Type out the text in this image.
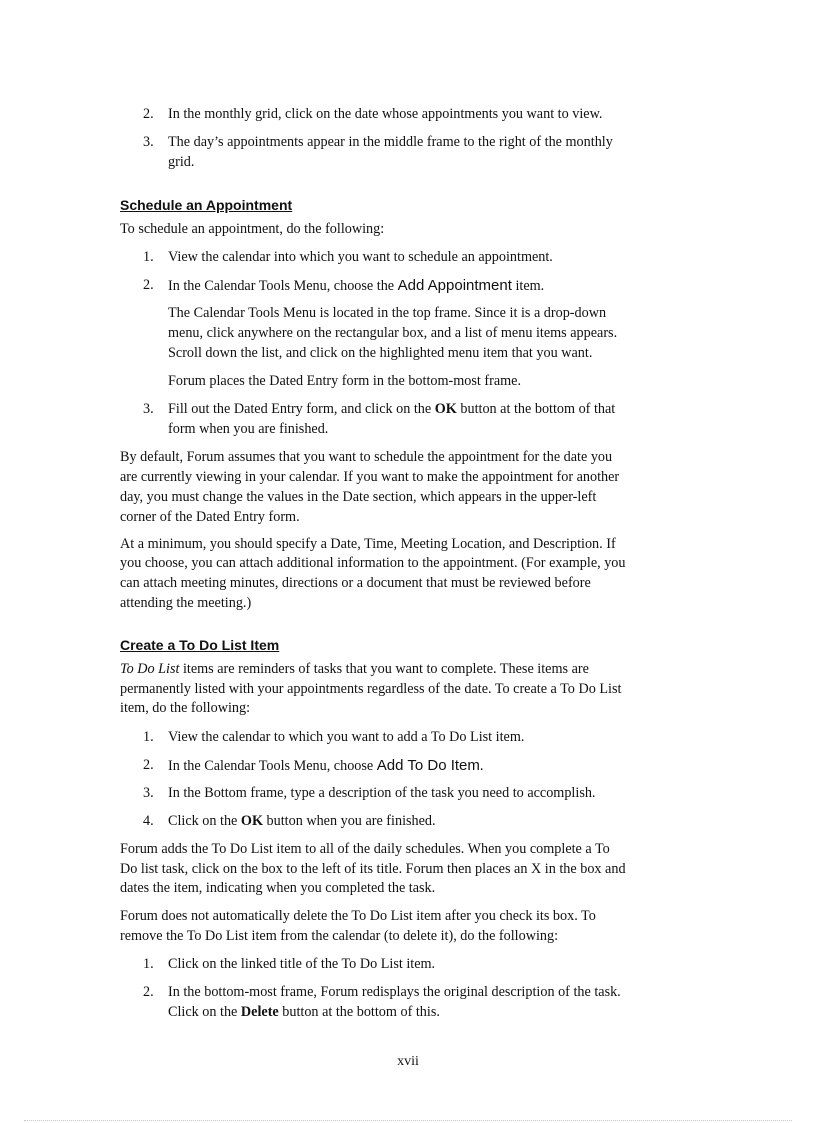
2. In the monthly grid, click on the date whose appointments you want to view.
3. The day’s appointments appear in the middle frame to the right of the monthly
grid.
Schedule an Appointment
To schedule an appointment, do the following:
1. View the calendar into which you want to schedule an appointment.
2. In the Calendar Tools Menu, choose the Add Appointment item.
The Calendar Tools Menu is located in the top frame. Since it is a drop-down
menu, click anywhere on the rectangular box, and a list of menu items appears.
Scroll down the list, and click on the highlighted menu item that you want.
Forum places the Dated Entry form in the bottom-most frame.
3. Fill out the Dated Entry form, and click on the OK button at the bottom of that
form when you are finished.
By default, Forum assumes that you want to schedule the appointment for the date you
are currently viewing in your calendar. If you want to make the appointment for another
day, you must change the values in the Date section, which appears in the upper-left
corner of the Dated Entry form.
At a minimum, you should specify a Date, Time, Meeting Location, and Description. If
you choose, you can attach additional information to the appointment. (For example, you
can attach meeting minutes, directions or a document that must be reviewed before
attending the meeting.)
Create a To Do List Item
To Do List items are reminders of tasks that you want to complete. These items are
permanently listed with your appointments regardless of the date. To create a To Do List
item, do the following:
1. View the calendar to which you want to add a To Do List item.
2. In the Calendar Tools Menu, choose Add To Do Item.
3. In the Bottom frame, type a description of the task you need to accomplish.
4. Click on the OK button when you are finished.
Forum adds the To Do List item to all of the daily schedules. When you complete a To
Do list task, click on the box to the left of its title. Forum then places an X in the box and
dates the item, indicating when you completed the task.
Forum does not automatically delete the To Do List item after you check its box. To
remove the To Do List item from the calendar (to delete it), do the following:
1. Click on the linked title of the To Do List item.
2. In the bottom-most frame, Forum redisplays the original description of the task.
Click on the Delete button at the bottom of this.
xvii
